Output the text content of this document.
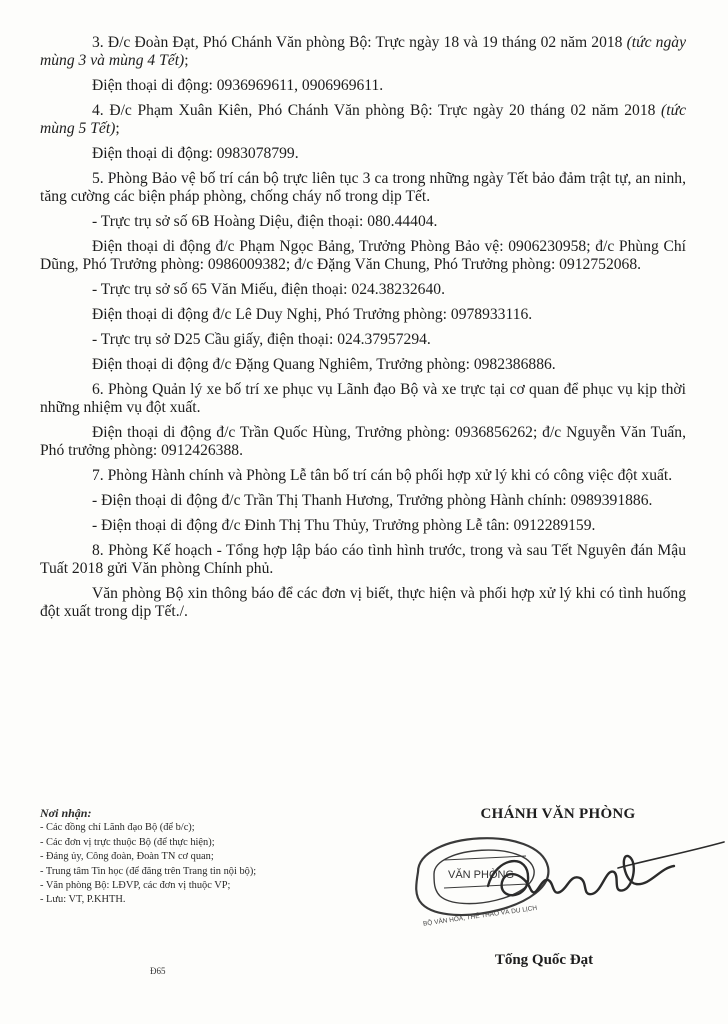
3. Đ/c Đoàn Đạt, Phó Chánh Văn phòng Bộ: Trực ngày 18 và 19 tháng 02 năm 2018 (tức ngày mùng 3 và mùng 4 Tết);

Điện thoại di động: 0936969611, 0906969611.

4. Đ/c Phạm Xuân Kiên, Phó Chánh Văn phòng Bộ: Trực ngày 20 tháng 02 năm 2018 (tức mùng 5 Tết);

Điện thoại di động: 0983078799.

5. Phòng Bảo vệ bố trí cán bộ trực liên tục 3 ca trong những ngày Tết bảo đảm trật tự, an ninh, tăng cường các biện pháp phòng, chống cháy nổ trong dịp Tết.

- Trực trụ sở số 6B Hoàng Diệu, điện thoại: 080.44404.

Điện thoại di động đ/c Phạm Ngọc Bảng, Trưởng Phòng Bảo vệ: 0906230958; đ/c Phùng Chí Dũng, Phó Trưởng phòng: 0986009382; đ/c Đặng Văn Chung, Phó Trưởng phòng: 0912752068.

- Trực trụ sở số 65 Văn Miếu, điện thoại: 024.38232640.

Điện thoại di động đ/c Lê Duy Nghị, Phó Trưởng phòng: 0978933116.

- Trực trụ sở D25 Cầu giấy, điện thoại: 024.37957294.

Điện thoại di động đ/c Đặng Quang Nghiêm, Trưởng phòng: 0982386886.

6. Phòng Quản lý xe bố trí xe phục vụ Lãnh đạo Bộ và xe trực tại cơ quan để phục vụ kịp thời những nhiệm vụ đột xuất.

Điện thoại di động đ/c Trần Quốc Hùng, Trưởng phòng: 0936856262; đ/c Nguyễn Văn Tuấn, Phó trưởng phòng: 0912426388.

7. Phòng Hành chính và Phòng Lễ tân bố trí cán bộ phối hợp xử lý khi có công việc đột xuất.

- Điện thoại di động đ/c Trần Thị Thanh Hương, Trưởng phòng Hành chính: 0989391886.

- Điện thoại di động đ/c Đinh Thị Thu Thủy, Trưởng phòng Lễ tân: 0912289159.

8. Phòng Kế hoạch - Tổng hợp lập báo cáo tình hình trước, trong và sau Tết Nguyên đán Mậu Tuất 2018 gửi Văn phòng Chính phủ.

Văn phòng Bộ xin thông báo để các đơn vị biết, thực hiện và phối hợp xử lý khi có tình huống đột xuất trong dịp Tết./.

Nơi nhận:
- Các đồng chí Lãnh đạo Bộ (để b/c);
- Các đơn vị trực thuộc Bộ (để thực hiện);
- Đảng ủy, Công đoàn, Đoàn TN cơ quan;
- Trung tâm Tin học (để đăng trên Trang tin nội bộ);
- Văn phòng Bộ: LĐVP, các đơn vị thuộc VP;
- Lưu: VT, P.KHTH.
Đ65
CHÁNH VĂN PHÒNG
VĂN PHÒNG
BỘ VĂN HÓA, THỂ THAO VÀ DU LỊCH
Tống Quốc Đạt
